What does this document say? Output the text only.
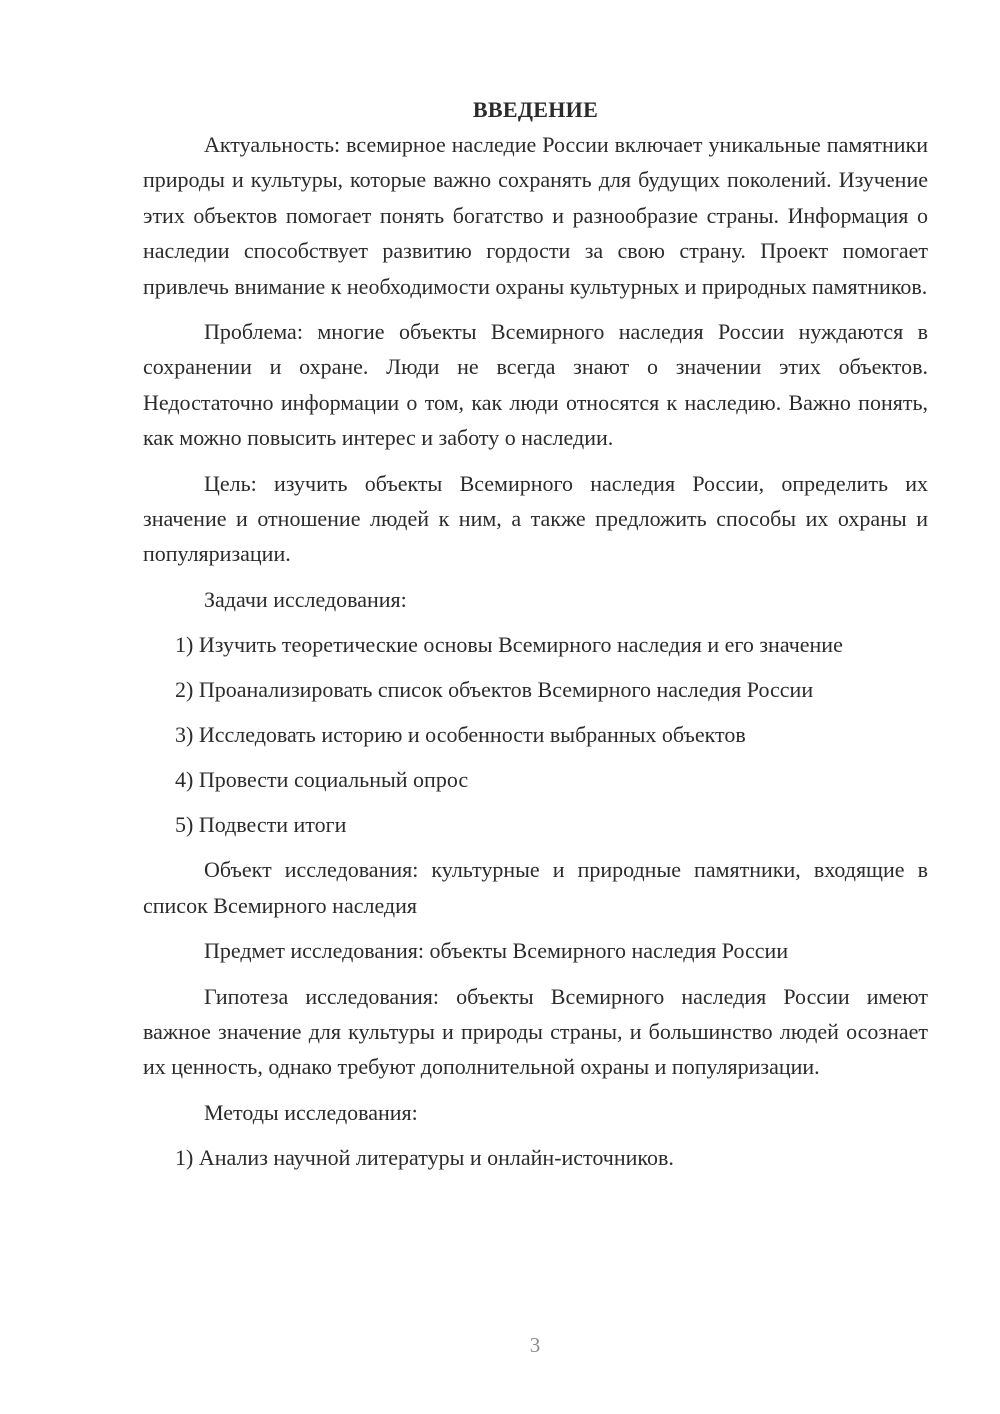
ВВЕДЕНИЕ

Актуальность: всемирное наследие России включает уникальные памятники природы и культуры, которые важно сохранять для будущих поколений. Изучение этих объектов помогает понять богатство и разнообразие страны. Информация о наследии способствует развитию гордости за свою страну. Проект помогает привлечь внимание к необходимости охраны культурных и природных памятников.

Проблема: многие объекты Всемирного наследия России нуждаются в сохранении и охране. Люди не всегда знают о значении этих объектов. Недостаточно информации о том, как люди относятся к наследию. Важно понять, как можно повысить интерес и заботу о наследии.

Цель: изучить объекты Всемирного наследия России, определить их значение и отношение людей к ним, а также предложить способы их охраны и популяризации.

Задачи исследования:

1) Изучить теоретические основы Всемирного наследия и его значение
2) Проанализировать список объектов Всемирного наследия России
3) Исследовать историю и особенности выбранных объектов
4) Провести социальный опрос
5) Подвести итоги

Объект исследования: культурные и природные памятники, входящие в список Всемирного наследия

Предмет исследования: объекты Всемирного наследия России

Гипотеза исследования: объекты Всемирного наследия России имеют важное значение для культуры и природы страны, и большинство людей осознает их ценность, однако требуют дополнительной охраны и популяризации.

Методы исследования:

1) Анализ научной литературы и онлайн-источников.
3
